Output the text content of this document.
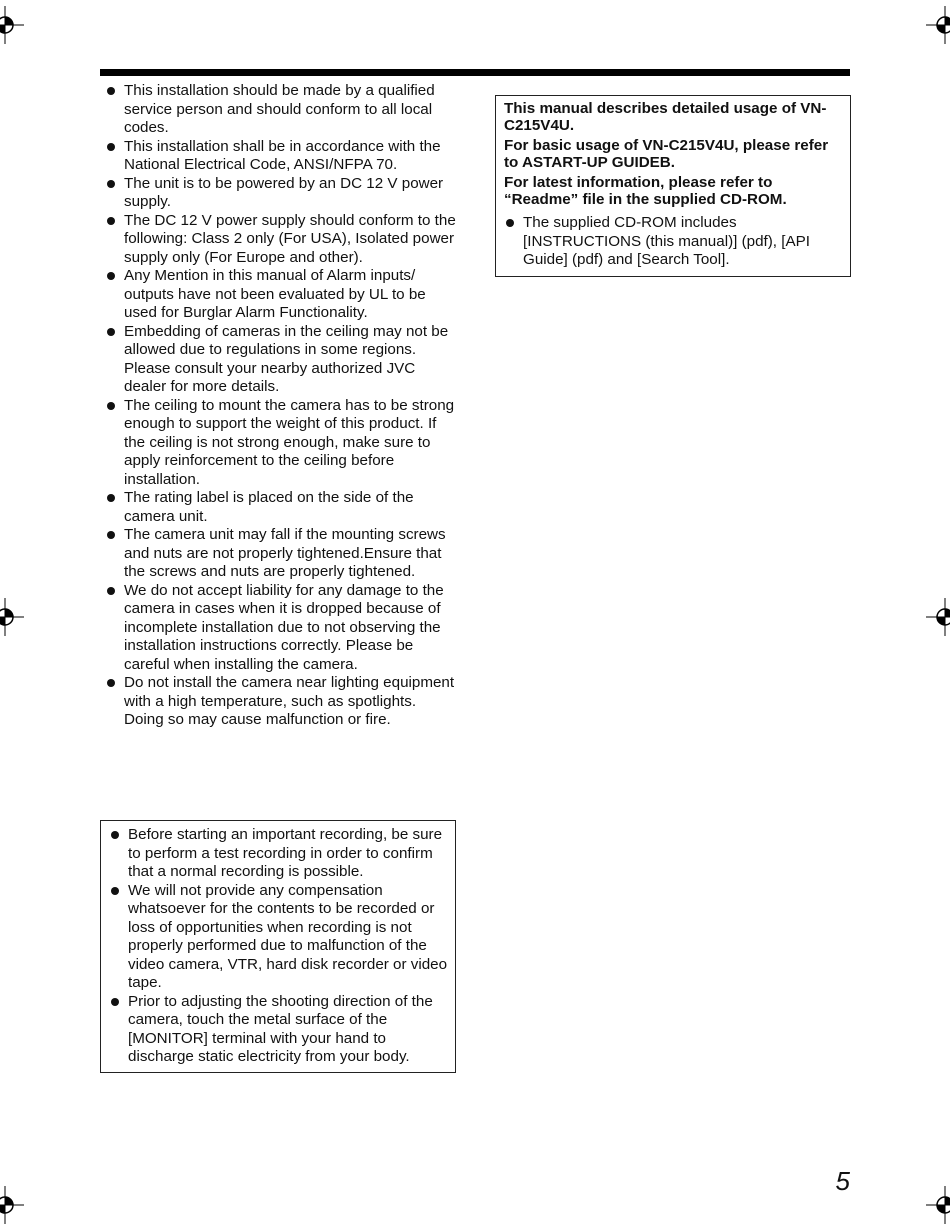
This installation should be made by a qualified service person and should conform to all local codes.
This installation shall be in accordance with the National Electrical Code, ANSI/NFPA 70.
The unit is to be powered by an DC 12 V power supply.
The DC 12 V power supply should conform to the following: Class 2 only (For USA), Isolated power supply only (For Europe and other).
Any Mention in this manual of Alarm inputs/ outputs have not been evaluated by UL to be used for Burglar Alarm Functionality.
Embedding of cameras in the ceiling may not be allowed due to regulations in some regions. Please consult your nearby authorized JVC dealer for more details.
The ceiling to mount the camera has to be strong enough to support the weight of this product. If the ceiling is not strong enough, make sure to apply reinforcement to the ceiling before installation.
The rating label is placed on the side of the camera unit.
The camera unit may fall if the mounting screws and nuts are not properly tightened.Ensure that the screws and nuts are properly tightened.
We do not accept liability for any damage to the camera in cases when it is dropped because of incomplete installation due to not observing the installation instructions correctly. Please be careful when installing the camera.
Do not install the camera near lighting equipment with a high temperature, such as spotlights. Doing so may cause malfunction or fire.
Before starting an important recording, be sure to perform a test recording in order to confirm that a normal recording is possible.
We will not provide any compensation whatsoever for the contents to be recorded or loss of opportunities when recording is not properly performed due to malfunction of the video camera, VTR, hard disk recorder or video tape.
Prior to adjusting the shooting direction of the camera, touch the metal surface of the [MONITOR] terminal with your hand to discharge static electricity from your body.

This manual describes detailed usage of VN-C215V4U.

For basic usage of VN-C215V4U, please refer to ASTART-UP GUIDEB.

For latest information, please refer to “Readme” file in the supplied CD-ROM.

The supplied CD-ROM includes [INSTRUCTIONS (this manual)] (pdf), [API Guide] (pdf) and [Search Tool].
5
